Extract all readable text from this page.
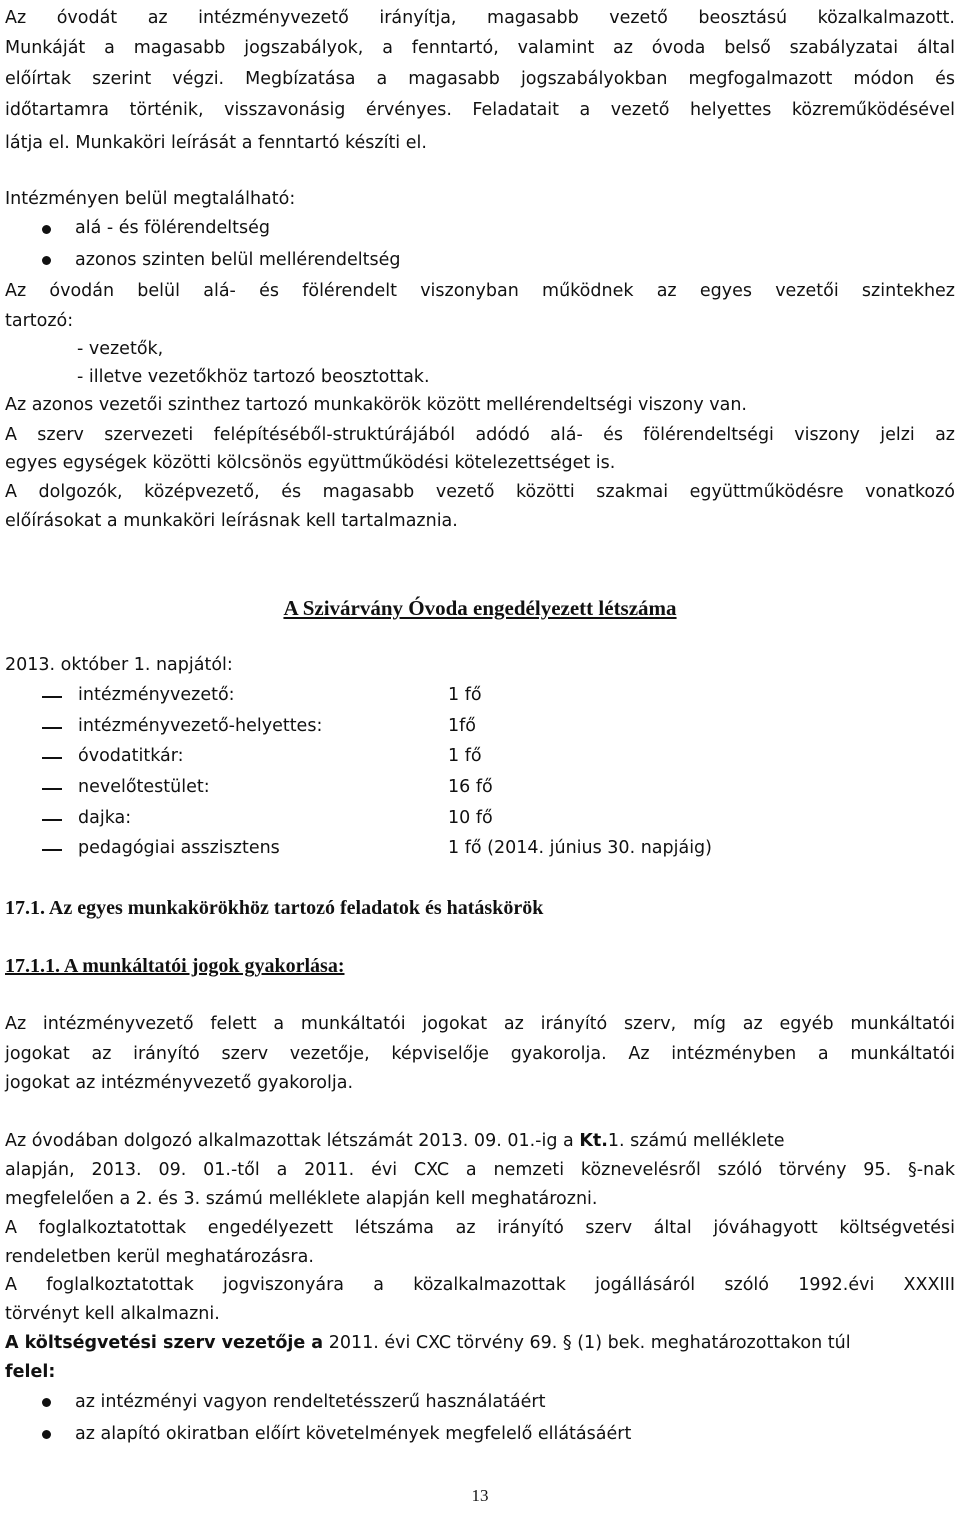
Az óvodát az intézményvezető irányítja, magasabb vezető beosztású közalkalmazott.
Munkáját a magasabb jogszabályok, a fenntartó, valamint az óvoda belső szabályzatai által
előírtak szerint végzi. Megbízatása a magasabb jogszabályokban megfogalmazott módon és
időtartamra történik, visszavonásig érvényes. Feladatait a vezető helyettes közreműködésével
látja el. Munkaköri leírását a fenntartó készíti el.
Intézményen belül megtalálható:
alá - és fölérendeltség
azonos szinten belül mellérendeltség
Az óvodán belül alá- és fölérendelt viszonyban működnek az egyes vezetői szintekhez
tartozó:
- vezetők,
- illetve vezetőkhöz tartozó beosztottak.
Az azonos vezetői szinthez tartozó munkakörök között mellérendeltségi viszony van.
A szerv szervezeti felépítéséből-struktúrájából adódó alá- és fölérendeltségi viszony jelzi az
egyes egységek közötti kölcsönös együttműködési kötelezettséget is.
A dolgozók, középvezető, és magasabb vezető közötti szakmai együttműködésre vonatkozó
előírásokat a munkaköri leírásnak kell tartalmaznia.
A Szivárvány Óvoda engedélyezett létszáma
2013. október 1. napjától:
intézményvezető:	1 fő
intézményvezető-helyettes:	1fő
óvodatitkár:	1 fő
nevelőtestület:	16 fő
dajka:	10 fő
pedagógiai asszisztens	1 fő (2014. június 30. napjáig)
17.1. Az egyes munkakörökhöz tartozó feladatok és hatáskörök
17.1.1. A munkáltatói jogok gyakorlása:
Az intézményvezető felett a munkáltatói jogokat az irányító szerv, míg az egyéb munkáltatói
jogokat az irányító szerv vezetője, képviselője gyakorolja. Az intézményben a munkáltatói
jogokat az intézményvezető gyakorolja.
Az óvodában dolgozó alkalmazottak létszámát 2013. 09. 01.-ig a Kt.1. számú melléklete
alapján, 2013. 09. 01.-től a 2011. évi CXC a nemzeti köznevelésről szóló törvény 95. §-nak
megfelelően a 2. és 3. számú melléklete alapján kell meghatározni.
A foglalkoztatottak engedélyezett létszáma az irányító szerv által jóváhagyott költségvetési
rendeletben kerül meghatározásra.
A foglalkoztatottak jogviszonyára a közalkalmazottak jogállásáról szóló 1992.évi XXXIII
törvényt kell alkalmazni.
A költségvetési szerv vezetője a 2011. évi CXC törvény 69. § (1) bek. meghatározottakon túl
felel:
az intézményi vagyon rendeltetésszerű használatáért
az alapító okiratban előírt követelmények megfelelő ellátásáért
13
